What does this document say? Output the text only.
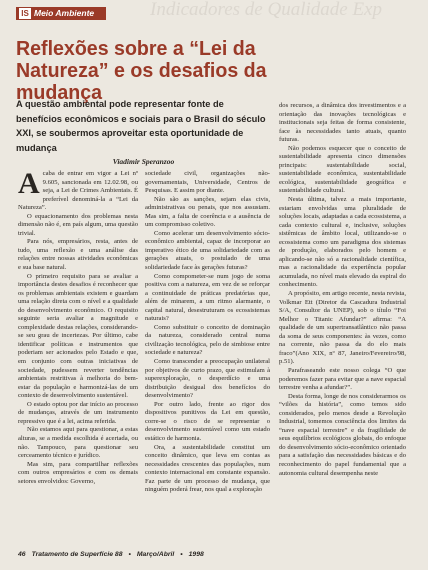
Indicadores de Qualidade Exp
IS Meio Ambiente
Reflexões sobre a “Lei da Natureza” e os desafios da mudança
A questão ambiental pode representar fonte de benefícios econômicos e sociais para o Brasil do século XXI, se soubermos aproveitar esta oportunidade de mudança
Viadimir Speranzoo

Acaba de entrar em vigor a Lei nº 9.605, sancionada em 12.02.98, ou seja, a Lei de Crimes Ambientais. É preferível denominá-la a “Lei da Natureza”.

O equacionamento dos problemas nesta dimensão não é, em país algum, uma questão trivial.

Para nós, empresários, resta, antes de tudo, uma reflexão e uma análise das relações entre nossas atividades econômicas e sua base natural.

O primeiro requisito para se avaliar a importância destes desafios é reconhecer que os problemas ambientais existem e guardam uma relação direta com o nível e a qualidade do desenvolvimento econômico. O requisito seguinte seria avaliar a magnitude e complexidade destas relações, considerando-se seu grau de incertezas. Por último, cabe identificar políticas e instrumentos que poderiam ser acionados pelo Estado e que, em conjunto com outras iniciativas de sociedade, pudessem reverter tendências ambientais restritivas à melhoria do bem-estar da população e harmonizá-las de um contexto de desenvolvimento sustentável.

O estado optou por dar início ao processo de mudanças, através de um instrumento repressivo que é a lei, acima referida.

Não estamos aqui para questionar, a estas alturas, se a medida escolhida é acertada, ou não. Tampouco, para questionar seu cerceamento técnico e jurídico.

Mas sim, para compartilhar reflexões com outros empresários e com os demais setores envolvidos: Governo,

sociedade civil, organizações não-governamentais, Universidade, Centros de Pesquisas. E assim por diante.

Não são as sanções, sejam elas civis, administrativas ou penais, que nos assustam. Mas sim, a falta de coerência e a ausência de um compromisso coletivo.

Como acelerar um desenvolvimento sócio-econômico ambiental, capaz de incorporar ao imperativo ético de uma solidariedade com as gerações atuais, o postulado de uma solidariedade face às gerações futuras?

Como compometer-se num jogo de soma positiva com a natureza, em vez de se reforçar a continuidade de práticas predatórias que, além de minarem, a um ritmo alarmante, o capital natural, desestruturam os ecossistemas naturais?

Como substituir o conceito de dominação da natureza, considerado central numa civilização tecnológica, pelo de simbiose entre sociedade e natureza?

Como transcender a preocupação unilateral por objetivos de curto prazo, que estimulam à superexploração, o desperdício e uma distribuição desigual dos benefícios do desenvolvimento?

Por outro lado, frente ao rigor dos dispositivos punitivos da Lei em questão, corre-se o risco de se representar o desenvolvimento sustentável como um estado estático de harmonia.

Ora, a sustentabilidade constitui um conceito dinâmico, que leva em contas as necessidades crescentes das populações, num contexto internacional em constante expansão. Faz parte de um processo de mudança, que ninguém poderá frear, nos qual a exploração

dos recursos, a dinâmica dos investimentos e a orientação das inovações tecnológicas e institucionais seja feitas de forma consistente, face às necessidades tanto atuais, quanto futuras.

Não podemos esquecer que o conceito de sustentabilidade apresenta cinco dimensões principais: sustentabilidade social, sustentabilidade econômica, sustentabilidade ecológica, sustentabilidade geográfica e sustentabilidade cultural.

Nesta última, talvez a mais importante, estariam envolvidas uma pluralidade de soluções locais, adaptadas a cada ecossistema, a cada contexto cultural e, inclusive, soluções sistêmicas de âmbito local, utilizando-se o ecossistema como um paradigma dos sistemas de produção, elaborados pelo homem e aplicando-se não só a racionalidade científica, mas a racionalidade da experiência popular acumulada, no nível mais elevado da espiral do conhecimento.

A propósito, em artigo recente, nesta revista, Volkmar Ett (Diretor da Cascadura Industrial S/A, Consultor da UNEP), sob o título “Foi Melhor o Titanic Afundar?” afirma: “A qualidade de um supertransatlântico não passa da soma de seus componentes: às vezes, como na corrente, não passa da do elo mais fraco”(Ano XIX, nº 87, Janeiro/Fevereiro/98, p.51).

Parafraseando este nosso colega “O que poderemos fazer para evitar que a nave espacial terrestre venha a afundar?”.

Desta forma, longe de nos considerarmos os “vilões da história”, como temos sido considerados, pelo menos desde a Revolução Industrial, tomemos consciência dos limites da “nave espacial terrestre” e da fragilidade de seus equilíbrios ecológicos globais, do enfoque do desenvolvimento sócio-econômico orientado para a satisfação das necessidades básicas e do reconhecimento do papel fundamental que a autonomia cultural desempenha neste

46 Tratamento de Superfície 88 • Março/Abril • 1998
